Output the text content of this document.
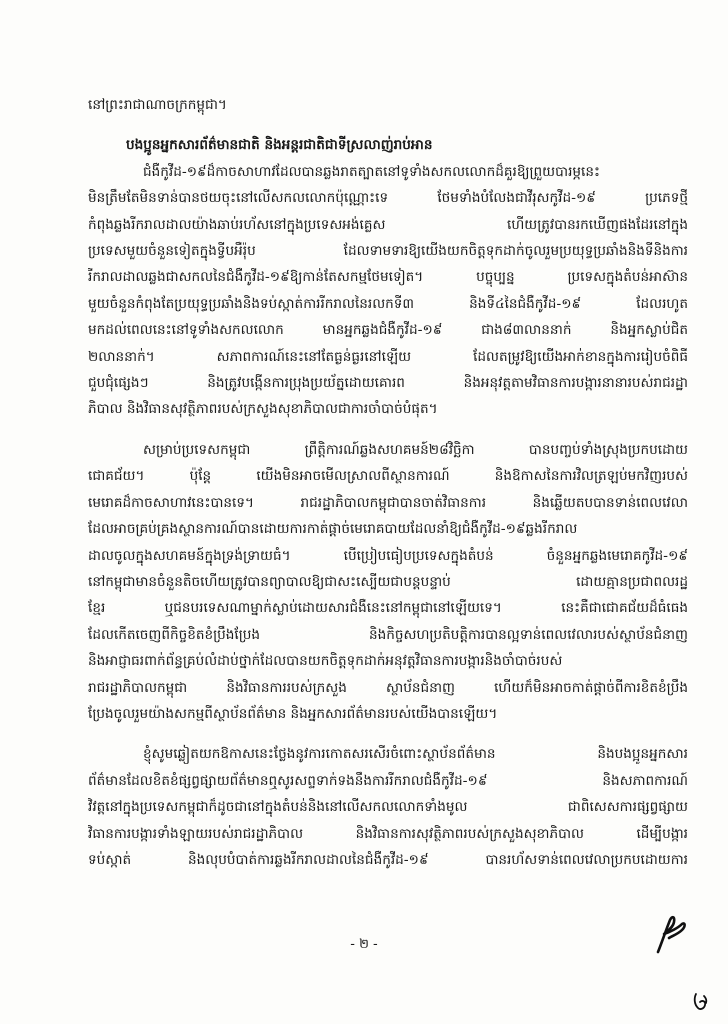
នៅព្រះរាជាណាចក្រកម្ពុជា។
បងប្អូនអ្នកសារព័ត៌មានជាតិ និងអន្តរជាតិជាទីស្រលាញ់រាប់អាន
ជំងឺកូវីដ-១៩ដ៏កាចសាហាវដែលបានឆ្លងរាតត្បាតនៅទូទាំងសកលលោកដ៏គួរឱ្យព្រួយបារម្ភនេះ
មិនត្រឹមតែមិនទាន់បានថយចុះនៅលើសកលលោកប៉ុណ្ណោះទេ ថែមទាំងបំលែងជាវីរុសកូវីដ-១៩ ប្រភេទថ្មី
កំពុងឆ្លងរីករាលដាលយ៉ាងឆាប់រហ័សនៅក្នុងប្រទេសអង់គ្លេស ហើយត្រូវបានរកឃើញផងដែរនៅក្នុង
ប្រទេសមួយចំនួនទៀតក្នុងទ្វីបអឺរ៉ុប ដែលទាមទារឱ្យយើងយកចិត្តទុកដាក់ចូលរួមប្រយុទ្ធប្រឆាំងនិងទីនិងការ
រីករាលដាលឆ្លងជាសកលនៃជំងឺកូវីដ-១៩ឱ្យកាន់តែសកម្មថែមទៀត។ បច្ចុប្បន្ន ប្រទេសក្នុងតំបន់អាស៊ាន
មួយចំនួនកំពុងតែប្រយុទ្ធប្រឆាំងនិងទប់ស្កាត់ការរីករាលនៃរលកទី៣ និងទី៤នៃជំងឺកូវីដ-១៩ ដែលរហូត
មកដល់ពេលនេះនៅទូទាំងសកលលោក មានអ្នកឆ្លងជំងឺកូវីដ-១៩ ជាង៨៣លាននាក់ និងអ្នកស្លាប់ជិត
២លាននាក់។ សភាពការណ៍នេះនៅតែធ្ងន់ធ្ងរនៅឡើយ ដែលតម្រូវឱ្យយើងអាក់ខានក្នុងការរៀបចំពិធី
ជួបជុំផ្សេងៗ និងត្រូវបង្កើនការប្រុងប្រយ័ត្នដោយគោរព និងអនុវត្តតាមវិធានការបង្ការនានារបស់រាជរដ្ឋា
ភិបាល និងវិធានសុវត្ថិភាពរបស់ក្រសួងសុខាភិបាលជាការចាំបាច់បំផុត។
សម្រាប់ប្រទេសកម្ពុជា ព្រឹត្តិការណ៍ឆ្លងសហគមន៍២៨វិច្ឆិកា បានបញ្ចប់ទាំងស្រុងប្រកបដោយ
ជោគជ័យ។ ប៉ុន្តែ យើងមិនអាចមើលស្រាលពីស្ថានការណ៍ និងឱកាសនៃការវិលត្រឡប់មកវិញរបស់
មេរោគដ៏កាចសាហាវនេះបានទេ។ រាជរដ្ឋាភិបាលកម្ពុជាបានចាត់វិធានការ និងឆ្លើយតបបានទាន់ពេលវេលា
ដែលអាចគ្រប់គ្រងស្ថានការណ៍បានដោយការកាត់ផ្តាច់មេរោគបាយដែលនាំឱ្យជំងឺកូវីដ-១៩ឆ្លងរីករាល
ដាលចូលក្នុងសហគមន៍ក្នុងទ្រង់ទ្រាយធំ។ បើប្រៀបធៀបប្រទេសក្នុងតំបន់ ចំនួនអ្នកឆ្លងមេរោគកូវីដ-១៩
នៅកម្ពុជាមានចំនួនតិចហើយត្រូវបានព្យាបាលឱ្យជាសះស្បើយជាបន្តបន្ទាប់ ដោយគ្មានប្រជាពលរដ្ឋ
ខ្មែរ ឬជនបរទេសណាម្នាក់ស្លាប់ដោយសារជំងឺនេះនៅកម្ពុជានៅឡើយទេ។ នេះគឺជាជោគជ័យដ៏ធំធេង
ដែលកើតចេញពីកិច្ចខិតខំប្រឹងប្រែង និងកិច្ចសហប្រតិបត្តិការបានល្អទាន់ពេលវេលារបស់ស្ថាប័នជំនាញ
និងអាជ្ញាធរពាក់ព័ន្ធគ្រប់លំដាប់ថ្នាក់ដែលបានយកចិត្តទុកដាក់អនុវត្តវិធានការបង្ការនិងចាំបាច់របស់
រាជរដ្ឋាភិបាលកម្ពុជា និងវិធានការរបស់ក្រសួង ស្ថាប័នជំនាញ ហើយក៏មិនអាចកាត់ផ្តាច់ពីការខិតខំប្រឹង
ប្រែងចូលរួមយ៉ាងសកម្មពីស្ថាប័នព័ត៌មាន និងអ្នកសារព័ត៌មានរបស់យើងបានឡើយ។
ខ្ញុំសូមឆ្លៀតយកឱកាសនេះថ្លែងនូវការកោតសរសើរចំពោះស្ថាប័នព័ត៌មាន និងបងប្អូនអ្នកសារ
ព័ត៌មានដែលខិតខំផ្សព្វផ្សាយព័ត៌មានឮសូរសព្ទទាក់ទងនឹងការរីករាលជំងឺកូវីដ-១៩ និងសភាពការណ៍
វិវត្តនៅក្នុងប្រទេសកម្ពុជាក៏ដូចជានៅក្នុងតំបន់និងនៅលើសកលលោកទាំងមូល ជាពិសេសការផ្សព្វផ្សាយ
វិធានការបង្ការទាំងឡាយរបស់រាជរដ្ឋាភិបាល និងវិធានការសុវត្ថិភាពរបស់ក្រសួងសុខាភិបាល ដើម្បីបង្ការ
ទប់ស្កាត់ និងលុបបំបាត់ការឆ្លងរីករាលដាលនៃជំងឺកូវីដ-១៩ បានរហ័សទាន់ពេលវេលាប្រកបដោយការ
- ២ -
